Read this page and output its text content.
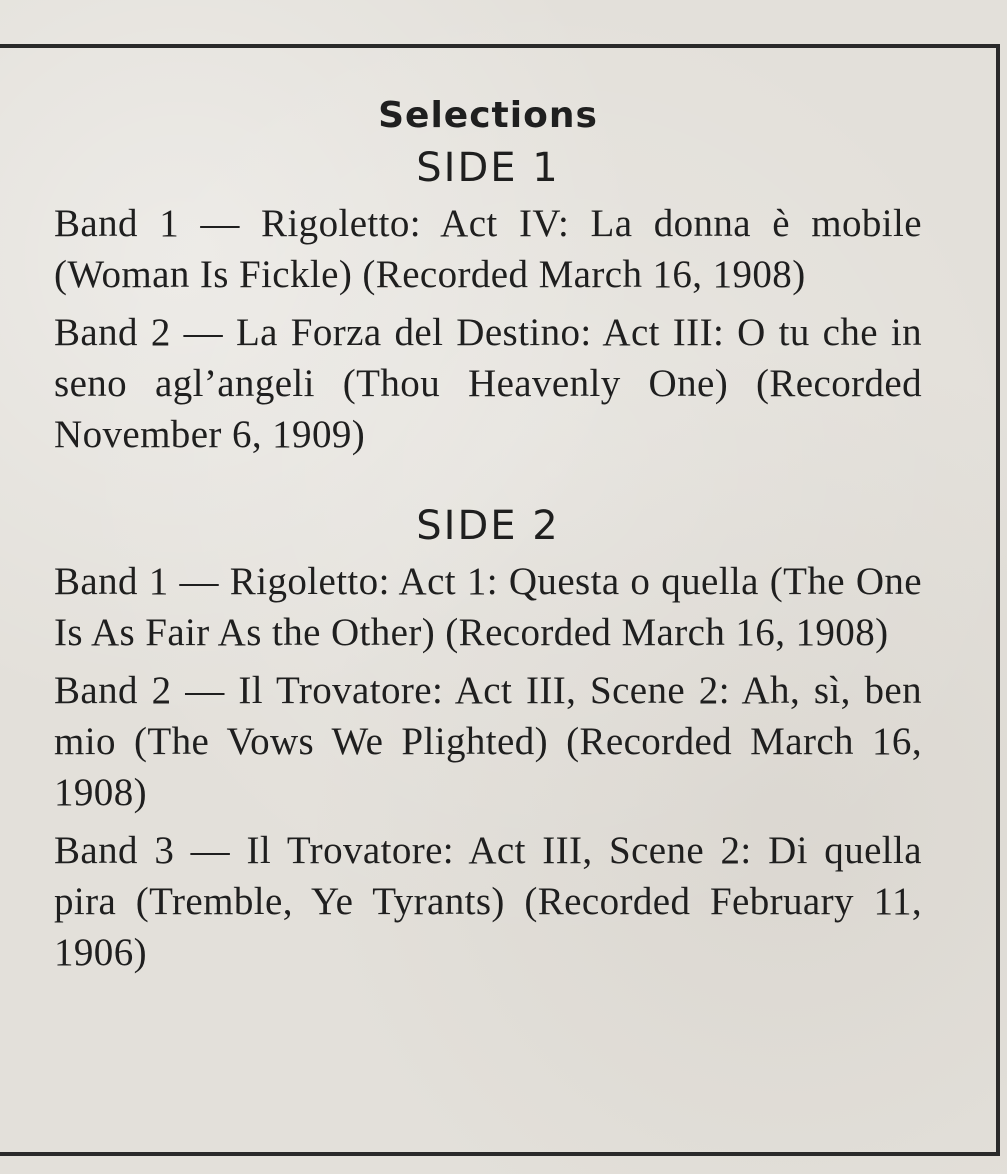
Selections
SIDE 1
Band 1 — Rigoletto: Act IV: La donna è mobile (Woman Is Fickle) (Recorded March 16, 1908)
Band 2 — La Forza del Destino: Act III: O tu che in seno agl’angeli (Thou Heavenly One) (Recorded November 6, 1909)
SIDE 2
Band 1 — Rigoletto: Act 1: Questa o quella (The One Is As Fair As the Other) (Recorded March 16, 1908)
Band 2 — Il Trovatore: Act III, Scene 2: Ah, sì, ben mio (The Vows We Plighted) (Recorded March 16, 1908)
Band 3 — Il Trovatore: Act III, Scene 2: Di quella pira (Tremble, Ye Tyrants) (Recorded February 11, 1906)
